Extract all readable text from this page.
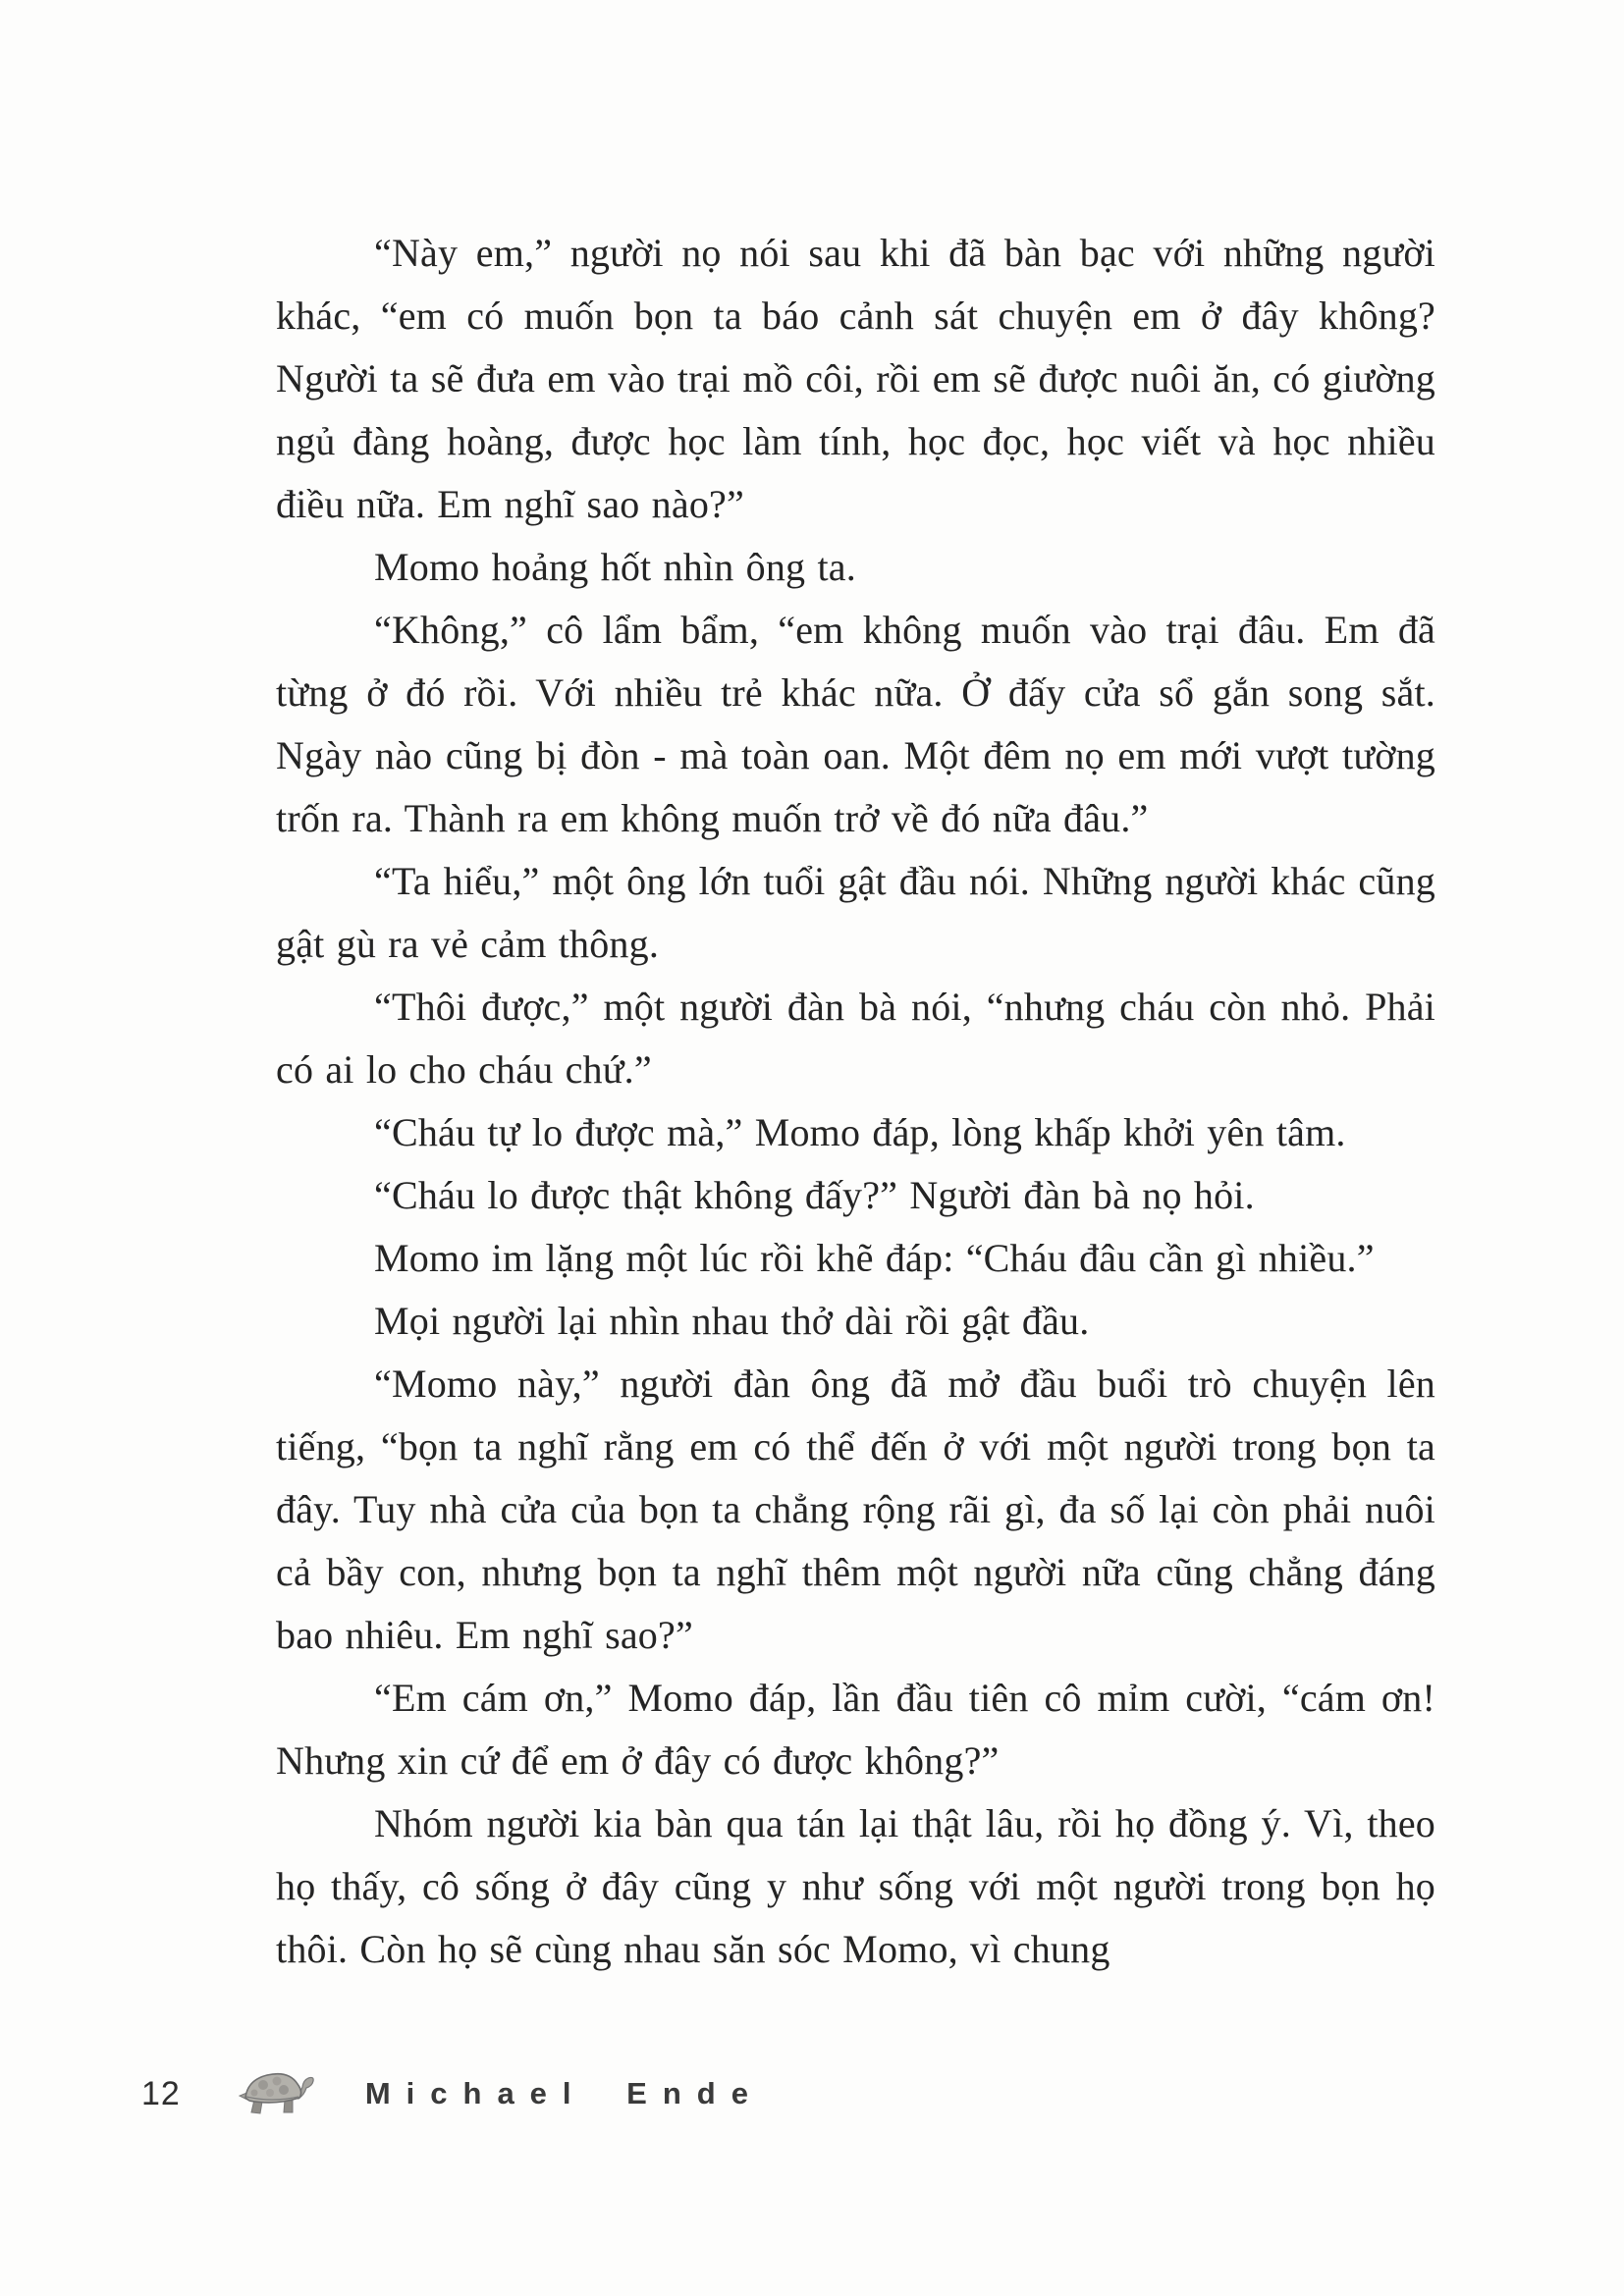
“Này em,” người nọ nói sau khi đã bàn bạc với những người khác, “em có muốn bọn ta báo cảnh sát chuyện em ở đây không? Người ta sẽ đưa em vào trại mồ côi, rồi em sẽ được nuôi ăn, có giường ngủ đàng hoàng, được học làm tính, học đọc, học viết và học nhiều điều nữa. Em nghĩ sao nào?”

Momo hoảng hốt nhìn ông ta.

“Không,” cô lẩm bẩm, “em không muốn vào trại đâu. Em đã từng ở đó rồi. Với nhiều trẻ khác nữa. Ở đấy cửa sổ gắn song sắt. Ngày nào cũng bị đòn - mà toàn oan. Một đêm nọ em mới vượt tường trốn ra. Thành ra em không muốn trở về đó nữa đâu.”

“Ta hiểu,” một ông lớn tuổi gật đầu nói. Những người khác cũng gật gù ra vẻ cảm thông.

“Thôi được,” một người đàn bà nói, “nhưng cháu còn nhỏ. Phải có ai lo cho cháu chứ.”

“Cháu tự lo được mà,” Momo đáp, lòng khấp khởi yên tâm.

“Cháu lo được thật không đấy?” Người đàn bà nọ hỏi.

Momo im lặng một lúc rồi khẽ đáp: “Cháu đâu cần gì nhiều.”

Mọi người lại nhìn nhau thở dài rồi gật đầu.

“Momo này,” người đàn ông đã mở đầu buổi trò chuyện lên tiếng, “bọn ta nghĩ rằng em có thể đến ở với một người trong bọn ta đây. Tuy nhà cửa của bọn ta chẳng rộng rãi gì, đa số lại còn phải nuôi cả bầy con, nhưng bọn ta nghĩ thêm một người nữa cũng chẳng đáng bao nhiêu. Em nghĩ sao?”

“Em cám ơn,” Momo đáp, lần đầu tiên cô mỉm cười, “cám ơn! Nhưng xin cứ để em ở đây có được không?”

Nhóm người kia bàn qua tán lại thật lâu, rồi họ đồng ý. Vì, theo họ thấy, cô sống ở đây cũng y như sống với một người trong bọn họ thôi. Còn họ sẽ cùng nhau săn sóc Momo, vì chung

12	Michael Ende
